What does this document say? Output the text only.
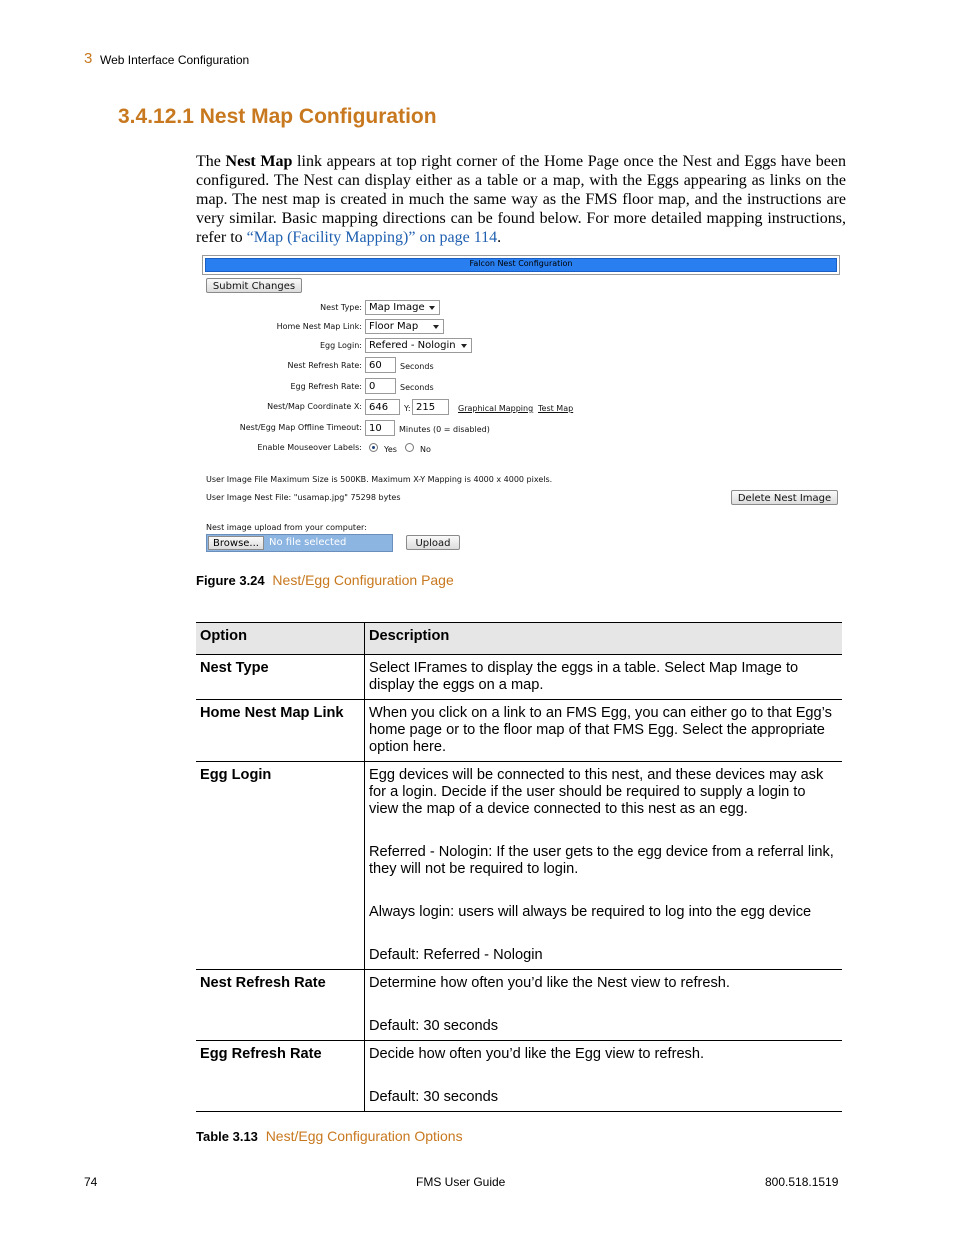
3 Web Interface Configuration
3.4.12.1 Nest Map Configuration
The Nest Map link appears at top right corner of the Home Page once the Nest and Eggs have been configured. The Nest can display either as a table or a map, with the Eggs appearing as links on the map. The nest map is created in much the same way as the FMS floor map, and the instructions are very similar. Basic mapping directions can be found below. For more detailed mapping instructions, refer to “Map (Facility Mapping)” on page 114.
Falcon Nest Configuration
Submit Changes
Nest Type: Map Image
Home Nest Map Link: Floor Map
Egg Login: Refered - Nologin
Nest Refresh Rate: 60	Seconds
Egg Refresh Rate: 0	Seconds
Nest/Map Coordinate X: 646	Y: 215	Graphical Mapping Test Map
Nest/Egg Map Offline Timeout: 10	Minutes (0 = disabled)
Enable Mouseover Labels:	Yes	No
User Image File Maximum Size is 500KB. Maximum X-Y Mapping is 4000 x 4000 pixels.
User Image Nest File: "usamap.jpg" 75298 bytes	Delete Nest Image
Nest image upload from your computer:
Browse...	No file selected	Upload
Figure 3.24 Nest/Egg Configuration Page
Option	Description
Nest Type	Select IFrames to display the eggs in a table. Select Map Image to display the eggs on a map.

Home Nest Map Link	When you click on a link to an FMS Egg, you can either go to that Egg’s home page or to the floor map of that FMS Egg. Select the appropriate option here.

Egg Login	Egg devices will be connected to this nest, and these devices may ask for a login. Decide if the user should be required to supply a login to view the map of a device connected to this nest as an egg.

Referred - Nologin: If the user gets to the egg device from a referral link, they will not be required to login.

Always login: users will always be required to log into the egg device

Default: Referred - Nologin

Nest Refresh Rate	Determine how often you’d like the Nest view to refresh.

Default: 30 seconds

Egg Refresh Rate	Decide how often you’d like the Egg view to refresh.

Default: 30 seconds

Table 3.13 Nest/Egg Configuration Options
74	FMS User Guide	800.518.1519
